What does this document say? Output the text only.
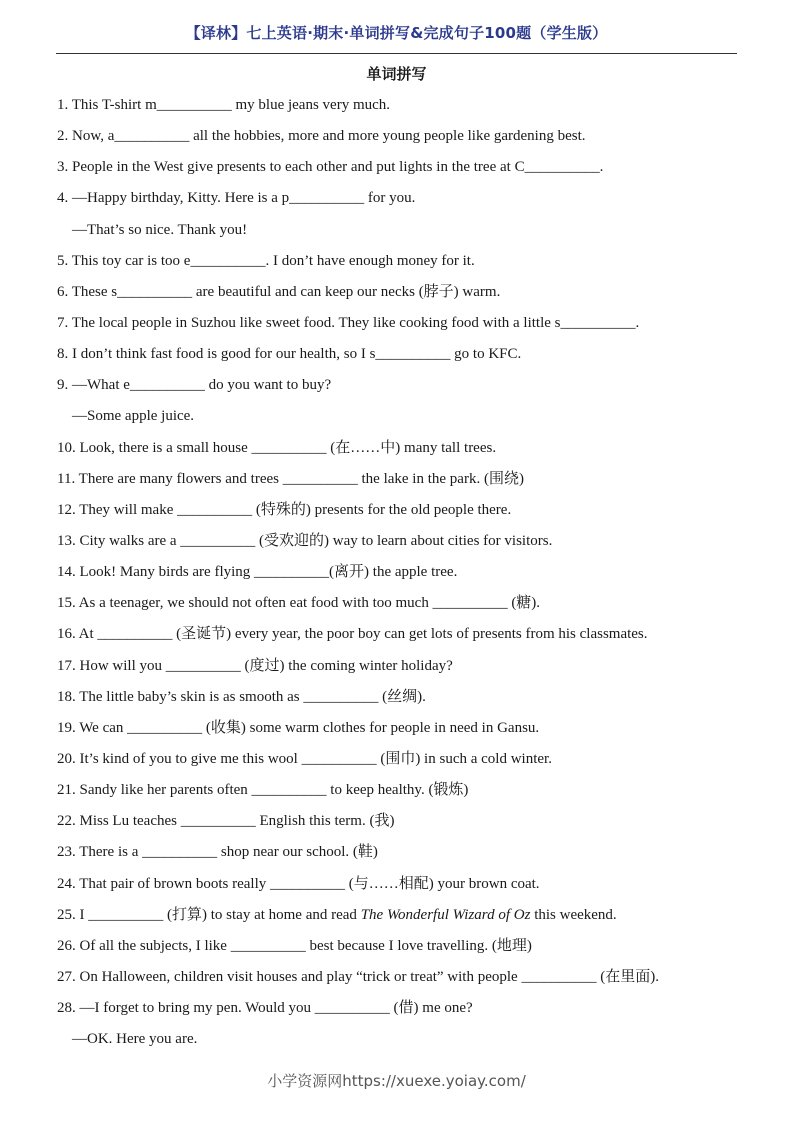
【译林】七上英语·期末·单词拼写&完成句子100题（学生版）
单词拼写
1. This T-shirt m__________ my blue jeans very much.
2. Now, a__________ all the hobbies, more and more young people like gardening best.
3. People in the West give presents to each other and put lights in the tree at C__________.
4. —Happy birthday, Kitty. Here is a p__________ for you.
—That’s so nice. Thank you!
5. This toy car is too e__________. I don’t have enough money for it.
6. These s__________ are beautiful and can keep our necks (脖子) warm.
7. The local people in Suzhou like sweet food. They like cooking food with a little s__________.
8. I don’t think fast food is good for our health, so I s__________ go to KFC.
9. —What e__________ do you want to buy?
—Some apple juice.
10. Look, there is a small house __________ (在……中) many tall trees.
11. There are many flowers and trees __________ the lake in the park. (围绕)
12. They will make __________ (特殊的) presents for the old people there.
13. City walks are a __________ (受欢迎的) way to learn about cities for visitors.
14. Look! Many birds are flying __________(离开) the apple tree.
15. As a teenager, we should not often eat food with too much __________ (糖).
16. At __________ (圣诞节) every year, the poor boy can get lots of presents from his classmates.
17. How will you __________ (度过) the coming winter holiday?
18. The little baby’s skin is as smooth as __________ (丝绸).
19. We can __________ (收集) some warm clothes for people in need in Gansu.
20. It’s kind of you to give me this wool __________ (围巾) in such a cold winter.
21. Sandy like her parents often __________ to keep healthy. (锻炼)
22. Miss Lu teaches __________ English this term. (我)
23. There is a __________ shop near our school. (鞋)
24. That pair of brown boots really __________ (与……相配) your brown coat.
25. I __________ (打算) to stay at home and read The Wonderful Wizard of Oz this weekend.
26. Of all the subjects, I like __________ best because I love travelling. (地理)
27. On Halloween, children visit houses and play “trick or treat” with people __________ (在里面).
28. —I forget to bring my pen. Would you __________ (借) me one?
—OK. Here you are.
小学资源网https://xuexe.yoiay.com/
